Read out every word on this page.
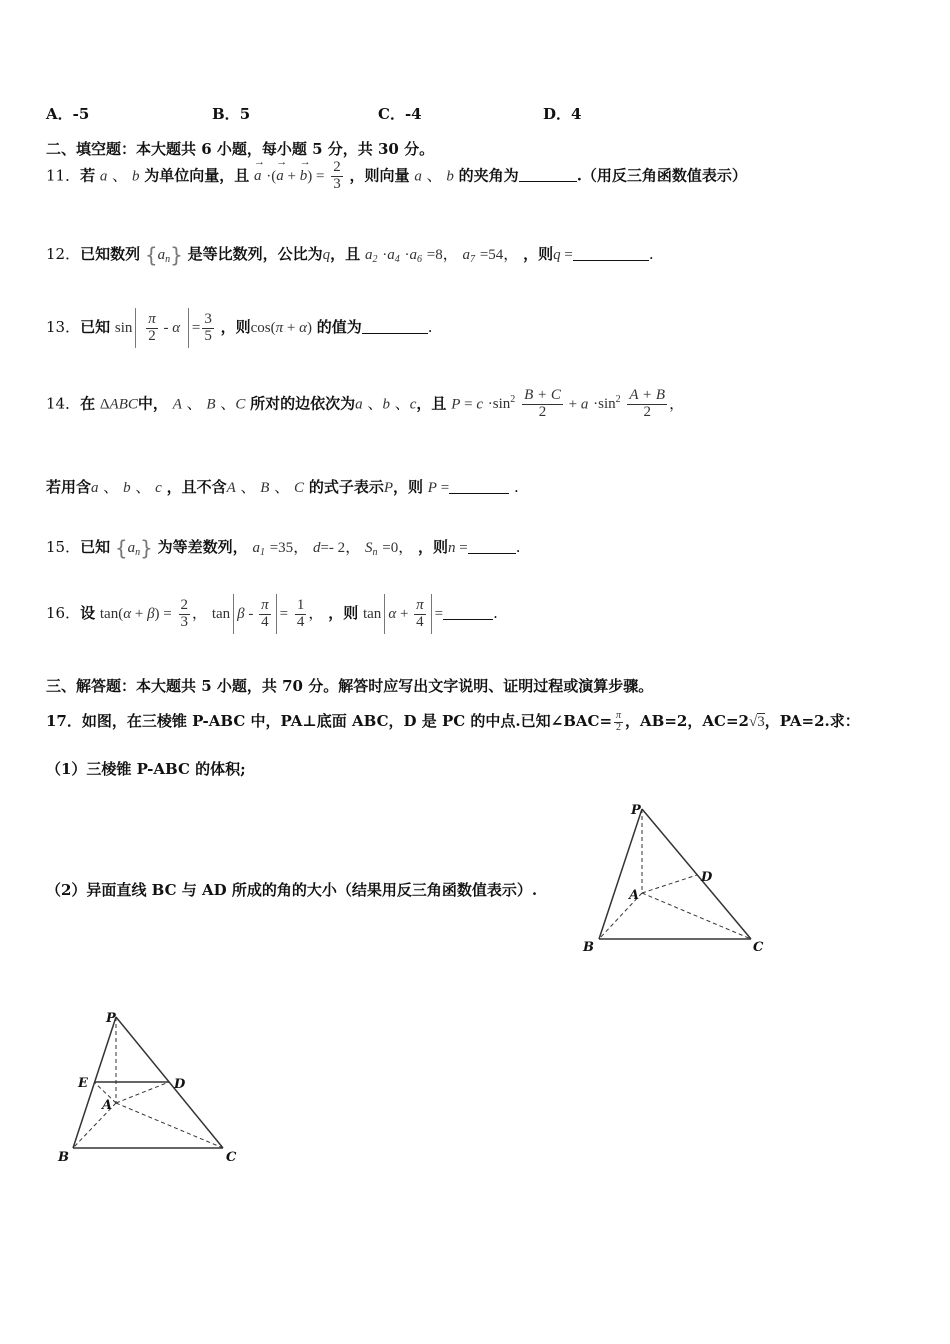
A．-5	B．5	C．-4	D．4
二、填空题：本大题共 6 小题，每小题 5 分，共 30 分。
11．若 a 、 b 为单位向量，且 a
→
·(a
→
+ b
→
) = $\frac{2}{3}$ ，则向量 a 、 b 的夹角为	.（用反三角函数值表示）
12．已知数列 $\{a_n\}$ 是等比数列，公比为q，且 $a_2 \cdot a_4 \cdot a_6 =8$， $a_7 =54$， ，则q =	.
13．已知 $\sin \frac{\pi}{2} - \alpha = \frac{3}{5}$ ，则cos(π + α) 的值为	.
14．在 ΔABC中， A 、 B 、C 所对的边依次为a 、b 、c，且 $P = c \cdot\sin^2 \frac{B + C}{2} + a \cdot\sin^2 \frac{A + B}{2}$ ，
若用含a 、 b 、 c ，且不含A 、 B 、 C 的式子表示P，则 P =	.
15．已知 $\{a_n\}$ 为等差数列， $a_1 =35$， d=- 2， $S_n =0$， ，则n =	.
16．设 $\tan(\alpha + \beta) = \frac{2}{3}$ ， $\tan \beta - \frac{\pi}{4} = \frac{1}{4}$ ， ，则 $\tan \alpha + \frac{\pi}{4}$ =	.
三、解答题：本大题共 5 小题，共 70 分。解答时应写出文字说明、证明过程或演算步骤。
17．如图，在三棱锥 P-ABC 中，PA⊥底面 ABC，D 是 PC 的中点.已知∠BAC= $\frac{\pi}{2}$ ，AB=2，AC=2√3，PA=2.求：
（1）三棱锥 P-ABC 的体积;
（2）异面直线 BC 与 AD 所成的角的大小（结果用反三角函数值表示）.
P
D
A
B	C
P
E	D
A
B	C
